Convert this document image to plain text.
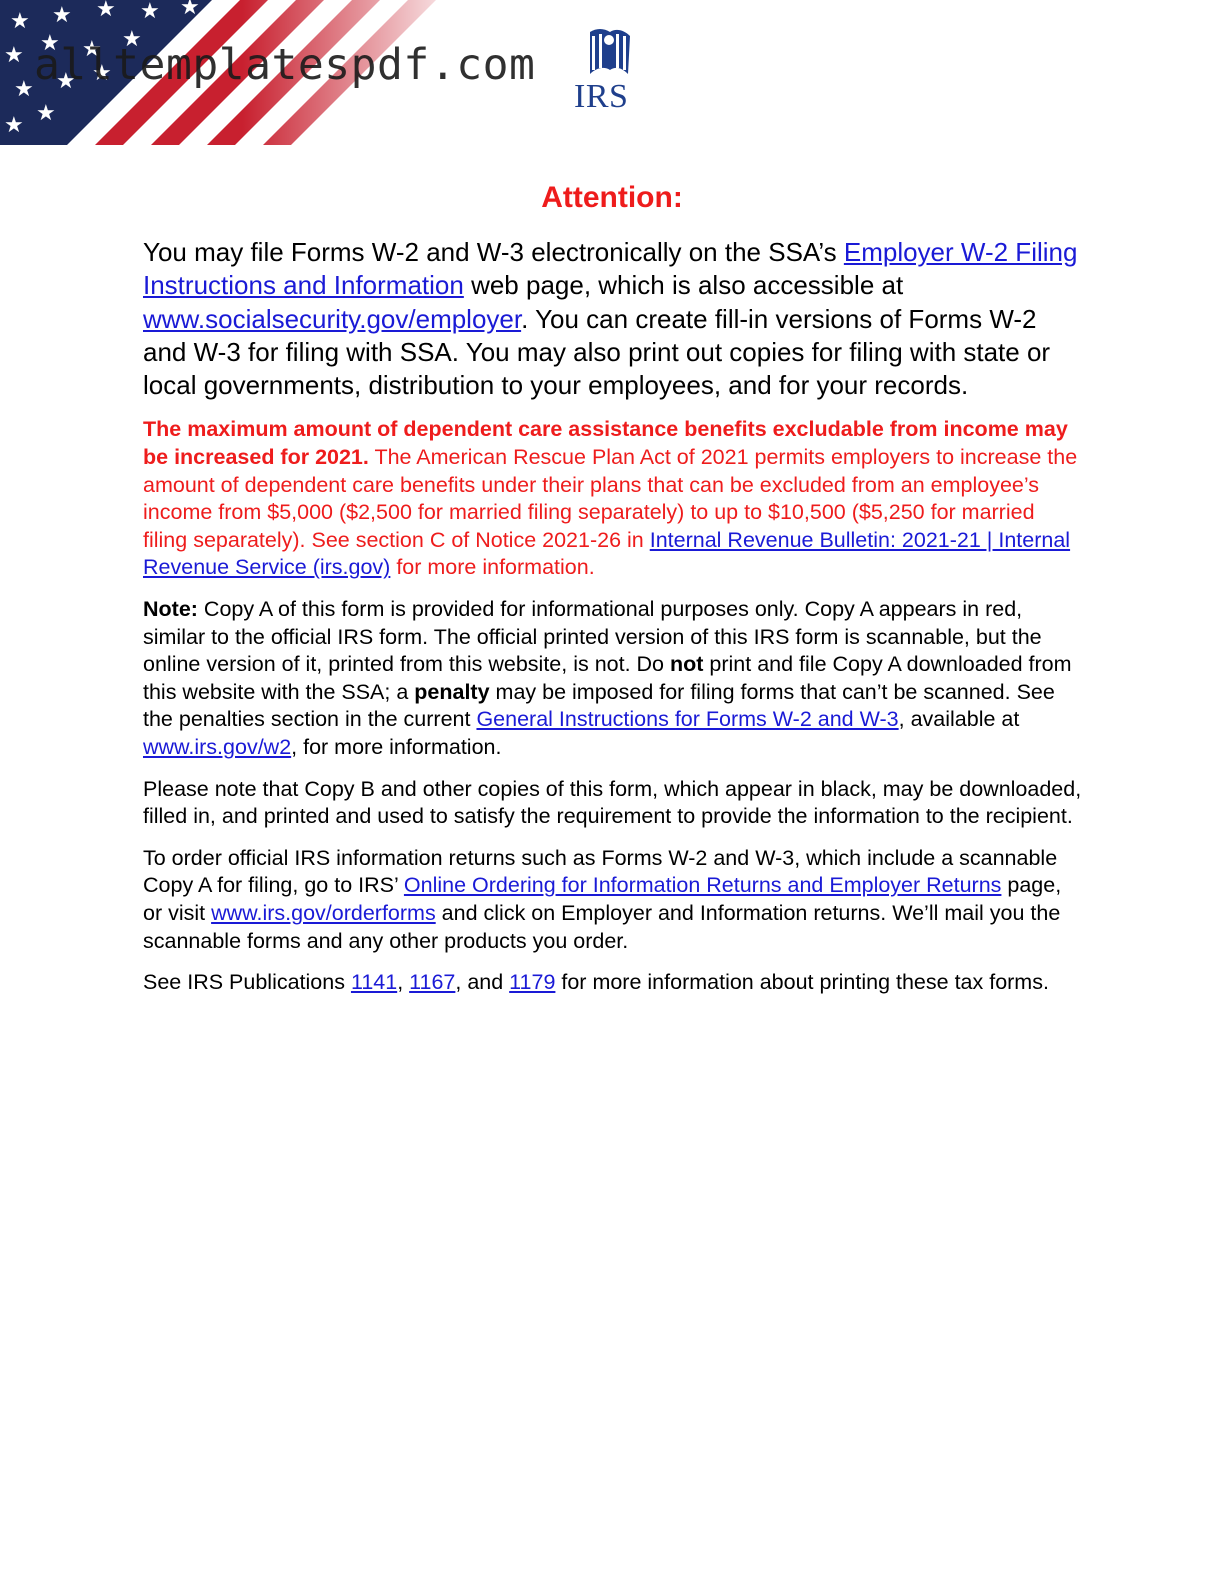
alltemplatespdf.com
IRS
Attention:

You may file Forms W-2 and W-3 electronically on the SSA’s Employer W-2 Filing Instructions and Information web page, which is also accessible at www.socialsecurity.gov/employer. You can create fill-in versions of Forms W-2 and W-3 for filing with SSA. You may also print out copies for filing with state or local governments, distribution to your employees, and for your records.

The maximum amount of dependent care assistance benefits excludable from income may be increased for 2021. The American Rescue Plan Act of 2021 permits employers to increase the amount of dependent care benefits under their plans that can be excluded from an employee’s income from $5,000 ($2,500 for married filing separately) to up to $10,500 ($5,250 for married filing separately). See section C of Notice 2021-26 in Internal Revenue Bulletin: 2021-21 | Internal Revenue Service (irs.gov) for more information.

Note: Copy A of this form is provided for informational purposes only. Copy A appears in red, similar to the official IRS form. The official printed version of this IRS form is scannable, but the online version of it, printed from this website, is not. Do not print and file Copy A downloaded from this website with the SSA; a penalty may be imposed for filing forms that can’t be scanned. See the penalties section in the current General Instructions for Forms W-2 and W-3, available at www.irs.gov/w2, for more information.

Please note that Copy B and other copies of this form, which appear in black, may be downloaded, filled in, and printed and used to satisfy the requirement to provide the information to the recipient.

To order official IRS information returns such as Forms W-2 and W-3, which include a scannable Copy A for filing, go to IRS’ Online Ordering for Information Returns and Employer Returns page, or visit www.irs.gov/orderforms and click on Employer and Information returns. We’ll mail you the scannable forms and any other products you order.

See IRS Publications 1141, 1167, and 1179 for more information about printing these tax forms.
